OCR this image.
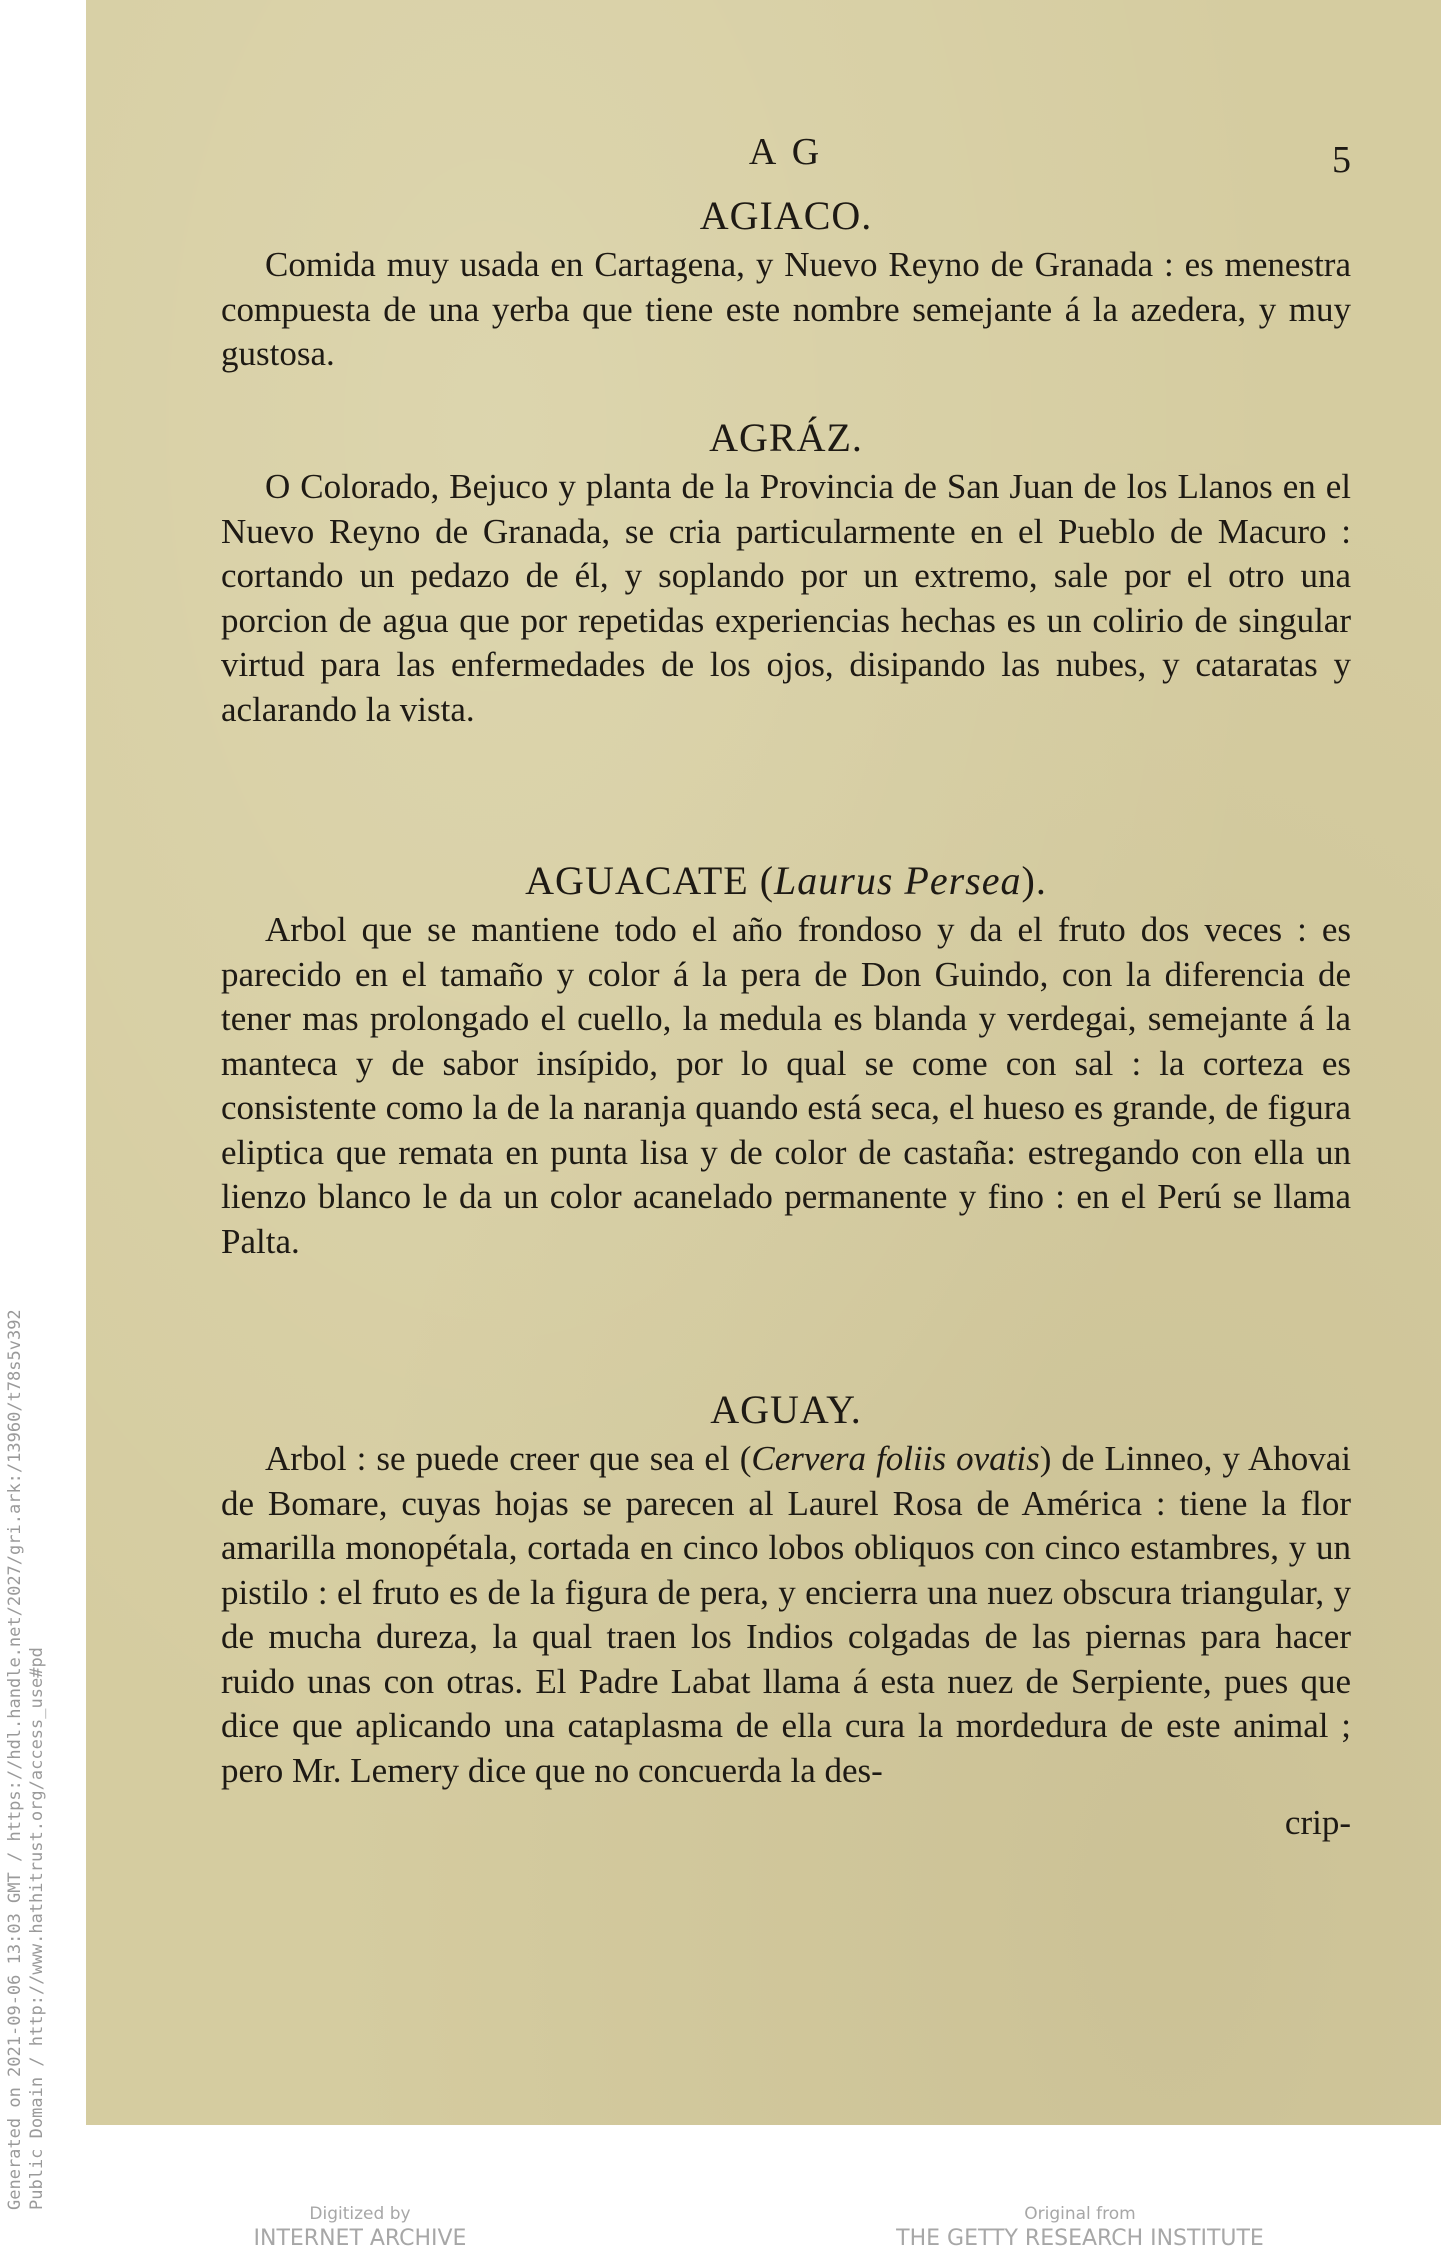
Generated on 2021-09-06 13:03 GMT / https://hdl.handle.net/2027/gri.ark:/13960/t78s5v392 Public Domain / http://www.hathitrust.org/access_use#pd
A G	5
AGIACO.

Comida muy usada en Cartagena, y Nuevo Reyno de Granada : es menestra compuesta de una yerba que tiene este nombre semejante á la azedera, y muy gustosa.

AGRÁZ.

O Colorado, Bejuco y planta de la Provincia de San Juan de los Llanos en el Nuevo Reyno de Granada, se cria particularmente en el Pueblo de Macuro : cortando un pedazo de él, y soplando por un extremo, sale por el otro una porcion de agua que por repetidas experiencias hechas es un colirio de singular virtud para las enfermedades de los ojos, disipando las nubes, y cataratas y aclarando la vista.

AGUACATE (Laurus Persea).

Arbol que se mantiene todo el año frondoso y da el fruto dos veces : es parecido en el tamaño y color á la pera de Don Guindo, con la diferencia de tener mas prolongado el cuello, la medula es blanda y verdegai, semejante á la manteca y de sabor insípido, por lo qual se come con sal : la corteza es consistente como la de la naranja quando está seca, el hueso es grande, de figura eliptica que remata en punta lisa y de color de castaña: estregando con ella un lienzo blanco le da un color acanelado permanente y fino : en el Perú se llama Palta.

AGUAY.

Arbol : se puede creer que sea el (Cervera foliis ovatis) de Linneo, y Ahovai de Bomare, cuyas hojas se parecen al Laurel Rosa de América : tiene la flor amarilla monopétala, cortada en cinco lobos obliquos con cinco estambres, y un pistilo : el fruto es de la figura de pera, y encierra una nuez obscura triangular, y de mucha dureza, la qual traen los Indios colgadas de las piernas para hacer ruido unas con otras. El Padre Labat llama á esta nuez de Serpiente, pues que dice que aplicando una cataplasma de ella cura la mordedura de este animal ; pero Mr. Lemery dice que no concuerda la des-

crip-
Digitized by
INTERNET ARCHIVE
Original from
THE GETTY RESEARCH INSTITUTE
